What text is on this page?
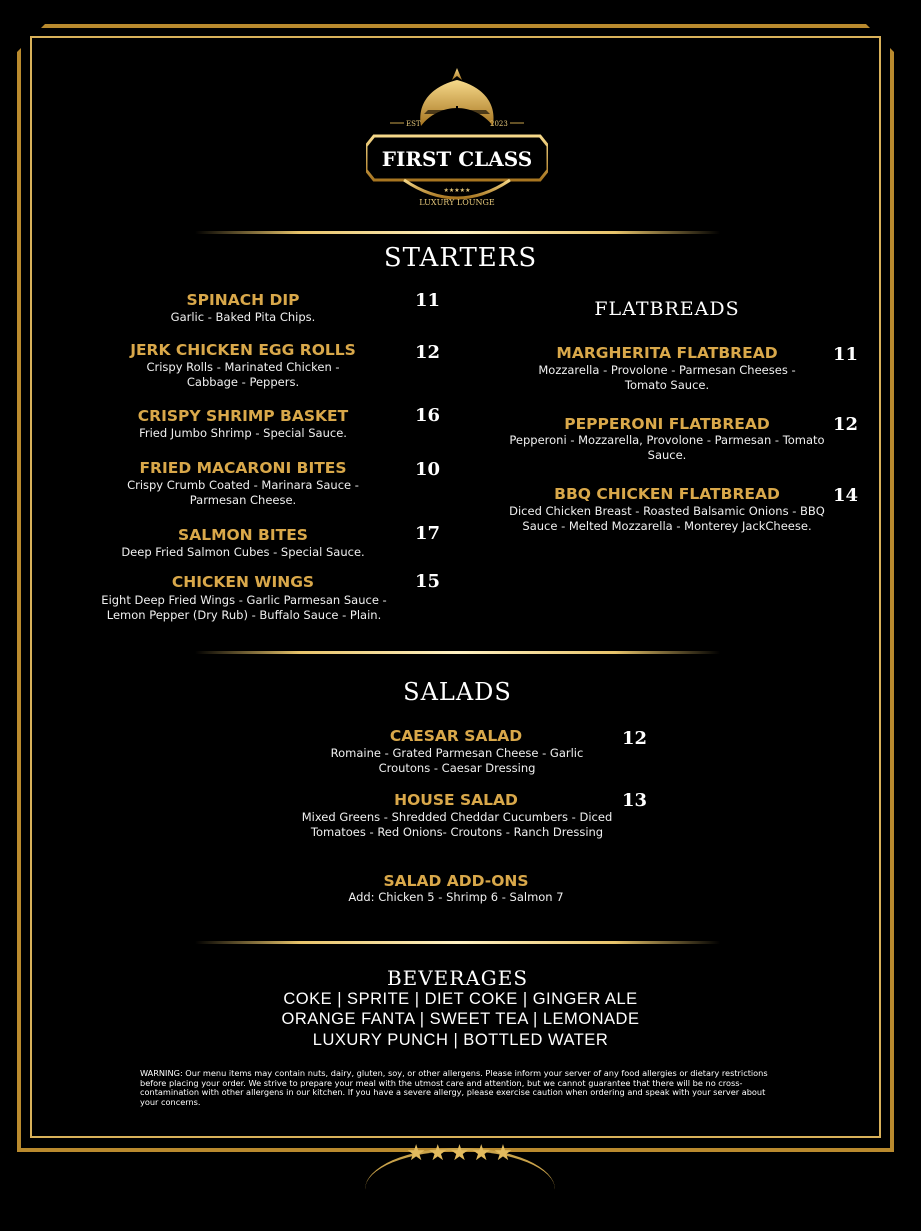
EST	2023
FIRST CLASS
★★★★★
LUXURY LOUNGE
STARTERS
SPINACH DIP	11
Garlic - Baked Pita Chips.
JERK CHICKEN EGG ROLLS	12
Crispy Rolls - Marinated Chicken - Cabbage - Peppers.
CRISPY SHRIMP BASKET	16
Fried Jumbo Shrimp - Special Sauce.
FRIED MACARONI BITES	10
Crispy Crumb Coated - Marinara Sauce - Parmesan Cheese.
SALMON BITES	17
Deep Fried Salmon Cubes - Special Sauce.
CHICKEN WINGS	15
Eight Deep Fried Wings - Garlic Parmesan Sauce - Lemon Pepper (Dry Rub) - Buffalo Sauce - Plain.
FLATBREADS
MARGHERITA FLATBREAD	11
Mozzarella - Provolone - Parmesan Cheeses - Tomato Sauce.
PEPPERONI FLATBREAD	12
Pepperoni - Mozzarella, Provolone - Parmesan - Tomato Sauce.
BBQ CHICKEN FLATBREAD	14
Diced Chicken Breast - Roasted Balsamic Onions - BBQ Sauce - Melted Mozzarella - Monterey JackCheese.
SALADS
CAESAR SALAD	12
Romaine - Grated Parmesan Cheese - Garlic Croutons - Caesar Dressing
HOUSE SALAD	13
Mixed Greens - Shredded Cheddar Cucumbers - Diced Tomatoes - Red Onions- Croutons - Ranch Dressing
SALAD ADD-ONS
Add: Chicken 5 - Shrimp 6 - Salmon 7
BEVERAGES
COKE | SPRITE | DIET COKE | GINGER ALE
ORANGE FANTA | SWEET TEA | LEMONADE
LUXURY PUNCH | BOTTLED WATER
WARNING: Our menu items may contain nuts, dairy, gluten, soy, or other allergens. Please inform your server of any food allergies or dietary restrictions before placing your order. We strive to prepare your meal with the utmost care and attention, but we cannot guarantee that there will be no cross-contamination with other allergens in our kitchen. If you have a severe allergy, please exercise caution when ordering and speak with your server about your concerns.
★★★★★
